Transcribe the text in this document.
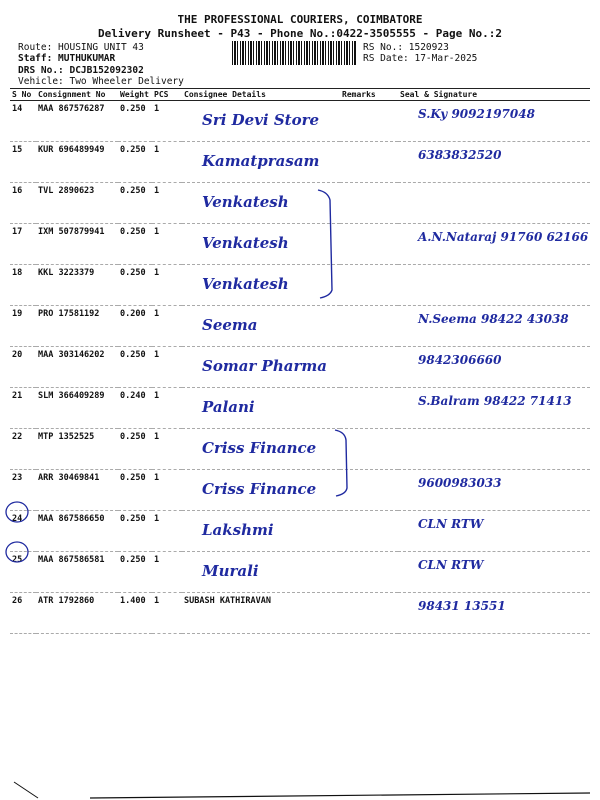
THE PROFESSIONAL COURIERS, COIMBATORE
Delivery Runsheet - P43 - Phone No.:0422-3505555 - Page No.:2
Route: HOUSING UNIT 43
Staff: MUTHUKUMAR
DRS No.: DCJB152092302
Vehicle: Two Wheeler Delivery
RS No.: 1520923
RS Date: 17-Mar-2025
S No	Consignment No	Weight	PCS	Consignee Details	Remarks	Seal & Signature

14	MAA 867576287	0.250	1	Sri Devi Store		S.Ky 9092197048

15	KUR 696489949	0.250	1	Kamatprasam		6383832520

16	TVL 2890623	0.250	1	Venkatesh		

17	IXM 507879941	0.250	1	Venkatesh		A.N.Nataraj 91760 62166

18	KKL 3223379	0.250	1	Venkatesh		

19	PRO 17581192	0.200	1	Seema		N.Seema 98422 43038

20	MAA 303146202	0.250	1	Somar Pharma		9842306660

21	SLM 366409289	0.240	1	Palani		S.Balram 98422 71413

22	MTP 1352525	0.250	1	Criss Finance		

23	ARR 30469841	0.250	1	Criss Finance		9600983033

24	MAA 867586650	0.250	1	Lakshmi		CLN RTW

25	MAA 867586581	0.250	1	Murali		CLN RTW

26	ATR 1792860	1.400	1	SUBASH KATHIRAVAN		98431 13551
